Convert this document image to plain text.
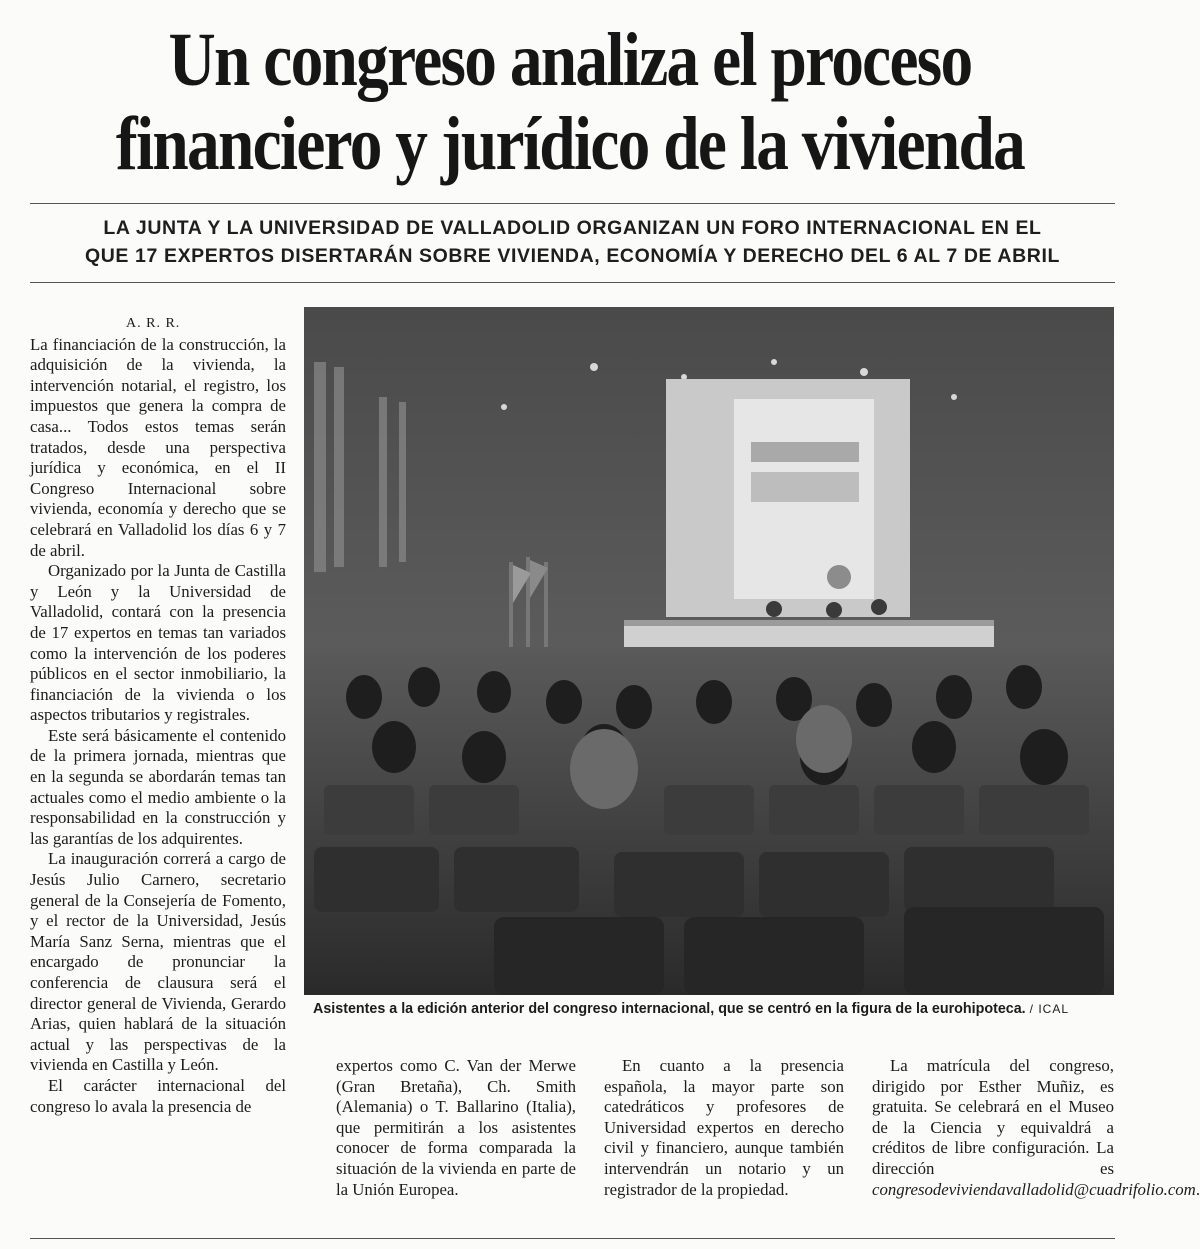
Un congreso analiza el proceso financiero y jurídico de la vivienda
LA JUNTA Y LA UNIVERSIDAD DE VALLADOLID ORGANIZAN UN FORO INTERNACIONAL EN EL
QUE 17 EXPERTOS DISERTARÁN SOBRE VIVIENDA, ECONOMÍA Y DERECHO DEL 6 AL 7 DE ABRIL

A. R. R.

La financiación de la construcción, la adquisición de la vivienda, la intervención notarial, el registro, los impuestos que genera la compra de casa... Todos estos temas serán tratados, desde una perspectiva jurídica y económica, en el II Congreso Internacional sobre vivienda, economía y derecho que se celebrará en Valladolid los días 6 y 7 de abril.

Organizado por la Junta de Castilla y León y la Universidad de Valladolid, contará con la presencia de 17 expertos en temas tan variados como la intervención de los poderes públicos en el sector inmobiliario, la financiación de la vivienda o los aspectos tributarios y registrales.

Este será básicamente el contenido de la primera jornada, mientras que en la segunda se abordarán temas tan actuales como el medio ambiente o la responsabilidad en la construcción y las garantías de los adquirentes.

La inauguración correrá a cargo de Jesús Julio Carnero, secretario general de la Consejería de Fomento, y el rector de la Universidad, Jesús María Sanz Serna, mientras que el encargado de pronunciar la conferencia de clausura será el director general de Vivienda, Gerardo Arias, quien hablará de la situación actual y las perspectivas de la vivienda en Castilla y León.

El carácter internacional del congreso lo avala la presencia de

Asistentes a la edición anterior del congreso internacional, que se centró en la figura de la eurohipoteca. / ICAL

expertos como C. Van der Merwe (Gran Bretaña), Ch. Smith (Alemania) o T. Ballarino (Italia), que permitirán a los asistentes conocer de forma comparada la situación de la vivienda en parte de la Unión Europea.

En cuanto a la presencia española, la mayor parte son catedráticos y profesores de Universidad expertos en derecho civil y financiero, aunque también intervendrán un notario y un registrador de la propiedad.

La matrícula del congreso, dirigido por Esther Muñiz, es gratuita. Se celebrará en el Museo de la Ciencia y equivaldrá a créditos de libre configuración. La dirección es congresodeviviendavalladolid@cuadrifolio.com.
